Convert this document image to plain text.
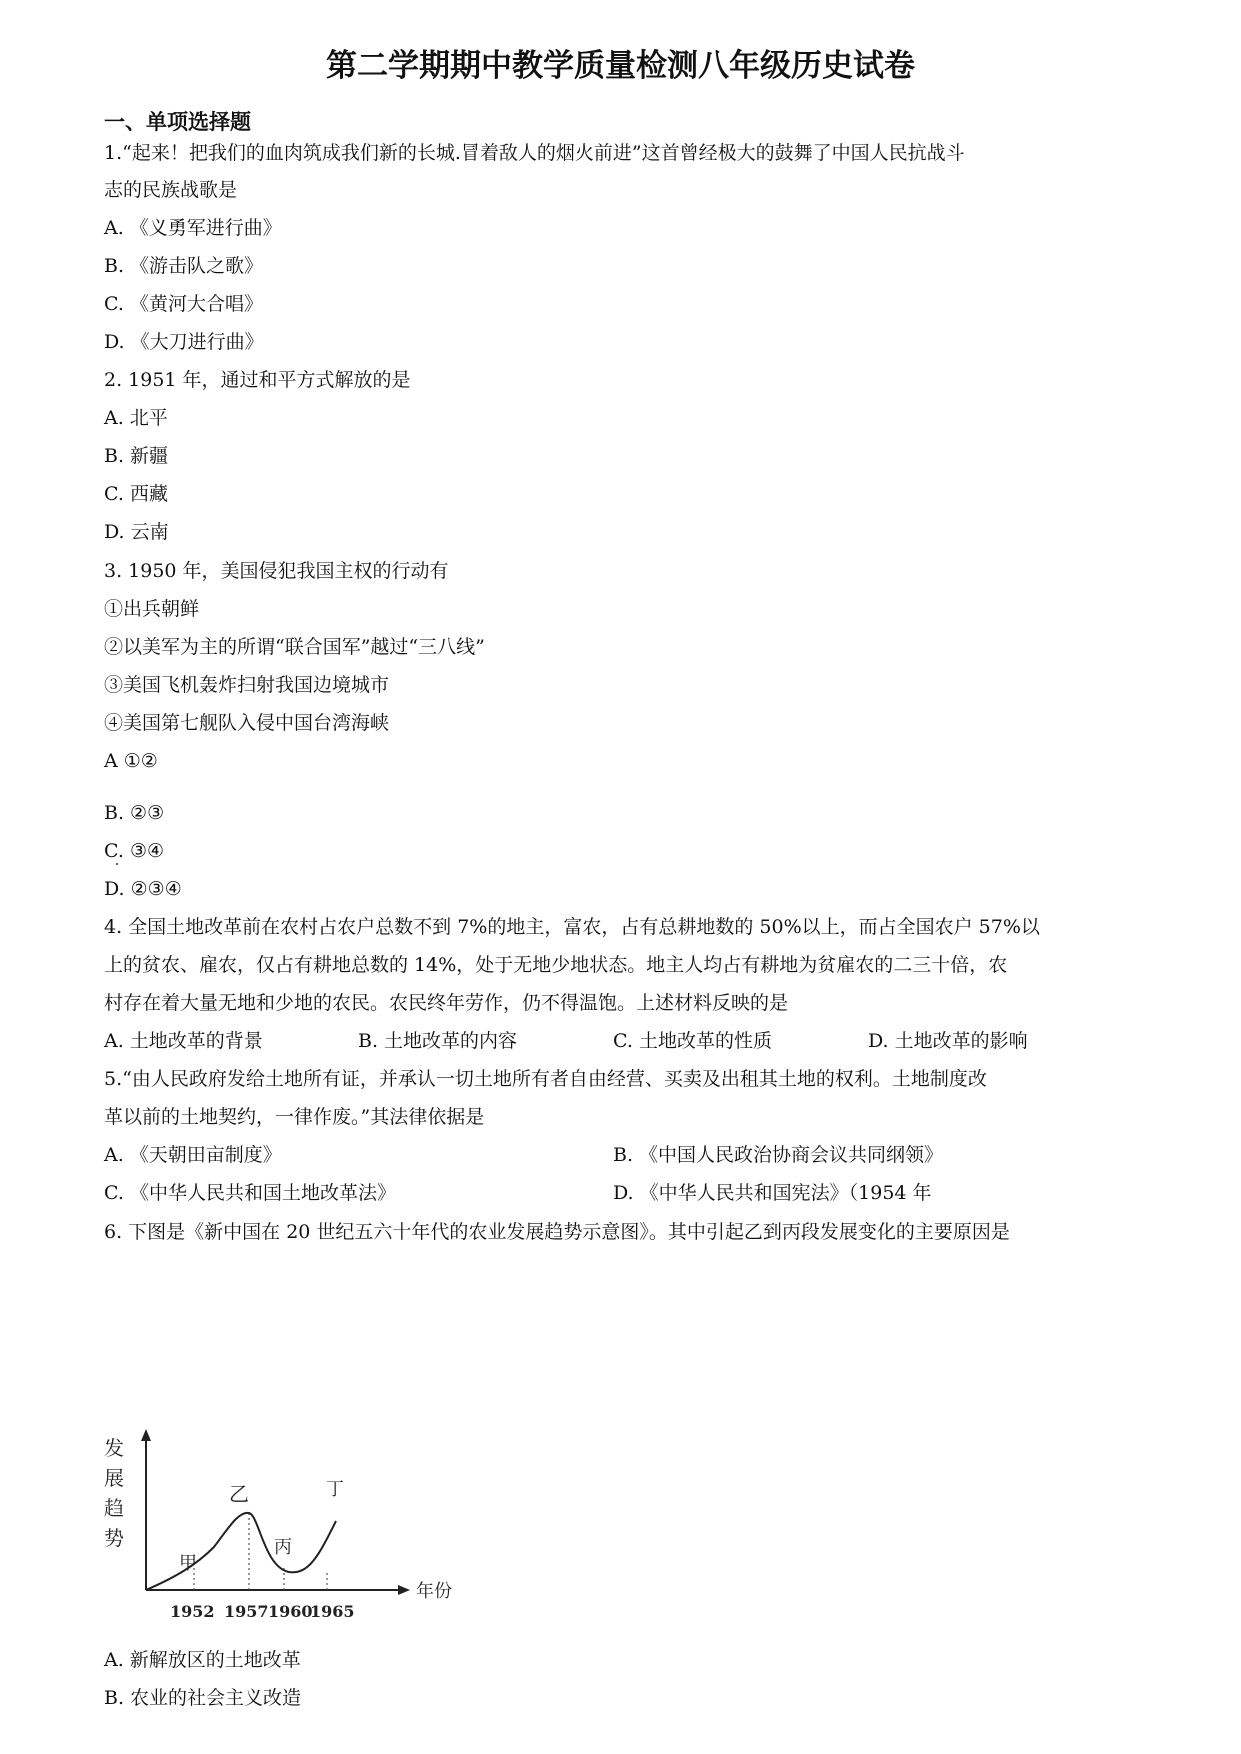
第二学期期中教学质量检测八年级历史试卷
一、单项选择题
1.“起来！把我们的血肉筑成我们新的长城.冒着敌人的烟火前进”这首曾经极大的鼓舞了中国人民抗战斗
志的民族战歌是
A. 《义勇军进行曲》
B. 《游击队之歌》
C. 《黄河大合唱》
D. 《大刀进行曲》
2. 1951 年，通过和平方式解放的是
A. 北平
B. 新疆
C. 西藏
D. 云南
3. 1950 年，美国侵犯我国主权的行动有
①出兵朝鲜
②以美军为主的所谓“联合国军”越过“三八线”
③美国飞机轰炸扫射我国边境城市
④美国第七舰队入侵中国台湾海峡
A ①②
B. ②③
C. ③④
D. ②③④
4. 全国土地改革前在农村占农户总数不到 7%的地主，富农，占有总耕地数的 50%以上，而占全国农户 57%以
上的贫农、雇农，仅占有耕地总数的 14%，处于无地少地状态。地主人均占有耕地为贫雇农的二三十倍，农
村存在着大量无地和少地的农民。农民终年劳作，仍不得温饱。上述材料反映的是
A. 土地改革的背景	B. 土地改革的内容	C. 土地改革的性质	D. 土地改革的影响
5.“由人民政府发给土地所有证，并承认一切土地所有者自由经营、买卖及出租其土地的权利。土地制度改
革以前的土地契约，一律作废。”其法律依据是
A. 《天朝田亩制度》	B. 《中国人民政治协商会议共同纲领》
C. 《中华人民共和国土地改革法》	D. 《中华人民共和国宪法》（1954 年
6. 下图是《新中国在 20 世纪五六十年代的农业发展趋势示意图》。其中引起乙到丙段发展变化的主要原因是
发
展
趋
势
年份
甲
乙
丙
丁
1952 1957 1960
1965
A. 新解放区的土地改革
B. 农业的社会主义改造
